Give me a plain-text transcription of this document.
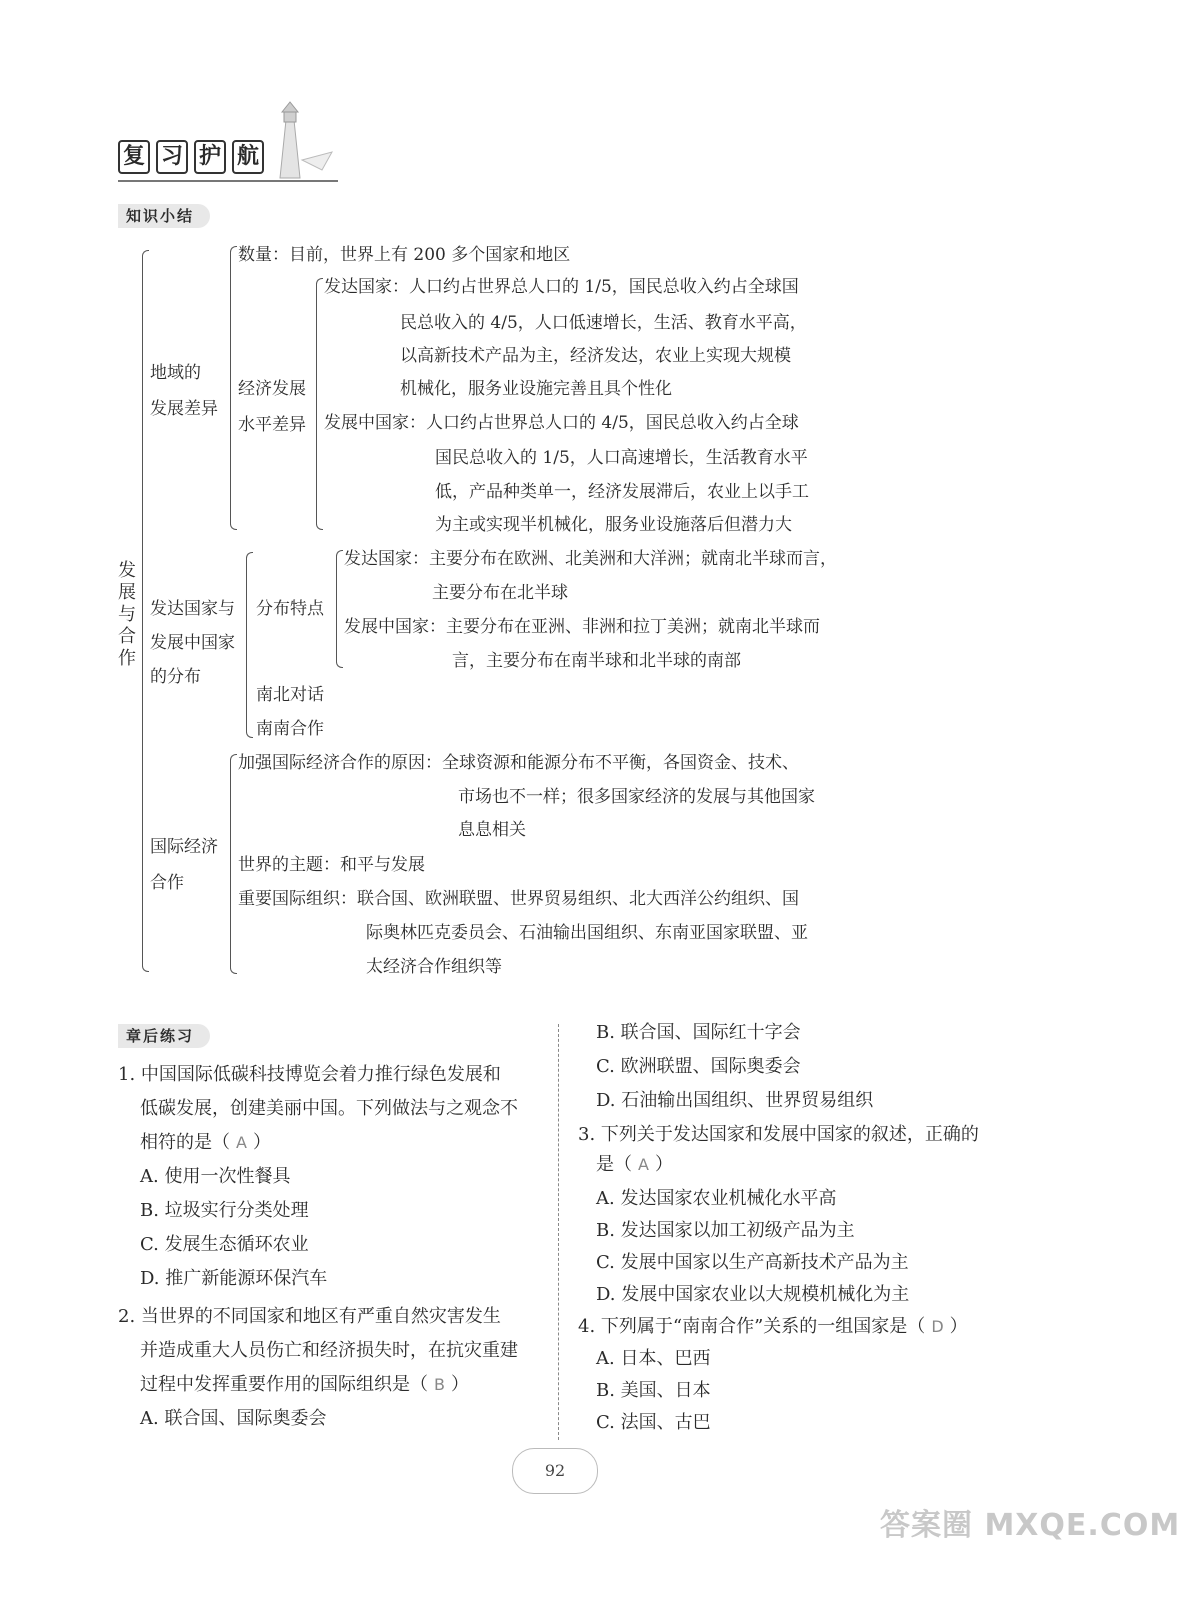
复 习 护 航
知识小结
发展与合作
地域的
发展差异
数量：目前，世界上有 200 多个国家和地区
经济发展
水平差异
发达国家：人口约占世界总人口的 1/5，国民总收入约占全球国
民总收入的 4/5，人口低速增长，生活、教育水平高，
以高新技术产品为主，经济发达，农业上实现大规模
机械化，服务业设施完善且具个性化
发展中国家：人口约占世界总人口的 4/5，国民总收入约占全球
国民总收入的 1/5，人口高速增长，生活教育水平
低，产品种类单一，经济发展滞后，农业上以手工
为主或实现半机械化，服务业设施落后但潜力大
发达国家与
发展中国家
的分布
分布特点
发达国家：主要分布在欧洲、北美洲和大洋洲；就南北半球而言，
主要分布在北半球
发展中国家：主要分布在亚洲、非洲和拉丁美洲；就南北半球而
言，主要分布在南半球和北半球的南部
南北对话
南南合作
国际经济
合作
加强国际经济合作的原因：全球资源和能源分布不平衡，各国资金、技术、
市场也不一样；很多国家经济的发展与其他国家
息息相关
世界的主题：和平与发展
重要国际组织：联合国、欧洲联盟、世界贸易组织、北大西洋公约组织、国
际奥林匹克委员会、石油输出国组织、东南亚国家联盟、亚
太经济合作组织等
章后练习
1. 中国国际低碳科技博览会着力推行绿色发展和
低碳发展，创建美丽中国。下列做法与之观念不
相符的是（ A ）
A. 使用一次性餐具
B. 垃圾实行分类处理
C. 发展生态循环农业
D. 推广新能源环保汽车
2. 当世界的不同国家和地区有严重自然灾害发生
并造成重大人员伤亡和经济损失时，在抗灾重建
过程中发挥重要作用的国际组织是（ B ）
A. 联合国、国际奥委会
B. 联合国、国际红十字会
C. 欧洲联盟、国际奥委会
D. 石油输出国组织、世界贸易组织
3. 下列关于发达国家和发展中国家的叙述，正确的
是（ A ）
A. 发达国家农业机械化水平高
B. 发达国家以加工初级产品为主
C. 发展中国家以生产高新技术产品为主
D. 发展中国家农业以大规模机械化为主
4. 下列属于“南南合作”关系的一组国家是（ D ）
A. 日本、巴西
B. 美国、日本
C. 法国、古巴
92
答案圈 MXQE.COM
